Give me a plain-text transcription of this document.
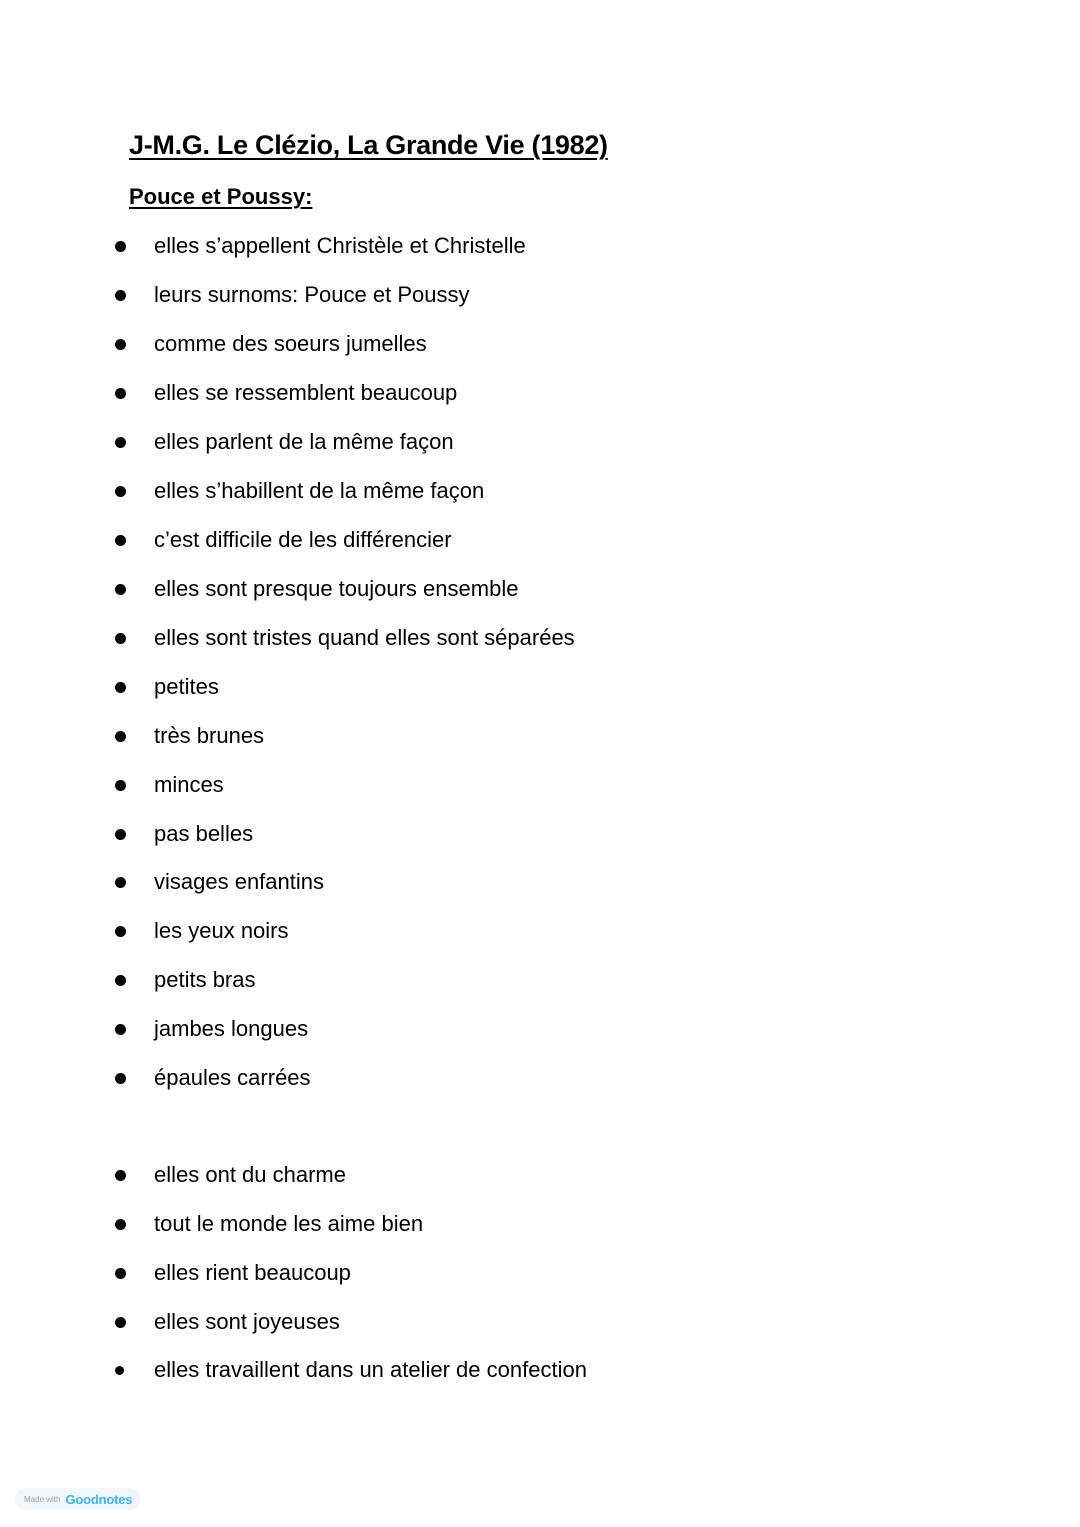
J-M.G. Le Clézio, La Grande Vie (1982)
Pouce et Poussy:
elles s’appellent Christèle et Christelle
leurs surnoms: Pouce et Poussy
comme des soeurs jumelles
elles se ressemblent beaucoup
elles parlent de la même façon
elles s’habillent de la même façon
c’est difficile de les différencier
elles sont presque toujours ensemble
elles sont tristes quand elles sont séparées
petites
très brunes
minces
pas belles
visages enfantins
les yeux noirs
petits bras
jambes longues
épaules carrées
elles ont du charme
tout le monde les aime bien
elles rient beaucoup
elles sont joyeuses
elles travaillent dans un atelier de confection
Made with Goodnotes
